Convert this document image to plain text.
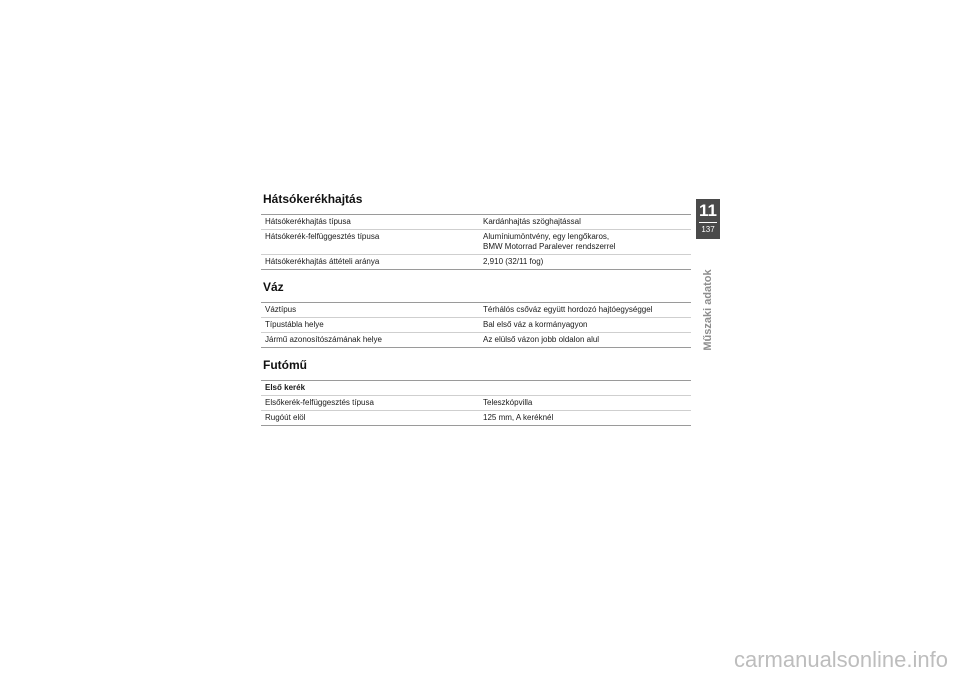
Hátsókerékhajtás
Hátsókerékhajtás típusa	Kardánhajtás szöghajtással
Hátsókerék-felfüggesztés típusa	Alumíniumöntvény, egy lengőkaros,
BMW Motorrad Paralever rendszerrel

Hátsókerékhajtás áttételi aránya	2,910 (32/11 fog)
Váz
Váztípus	Térhálós csőváz együtt hordozó hajtóegységgel
Típustábla helye	Bal első váz a kormányagyon
Jármű azonosítószámának helye	Az elülső vázon jobb oldalon alul
Futómű
Első kerék	
Elsőkerék-felfüggesztés típusa	Teleszkópvilla
Rugóút elöl	125 mm, A keréknél
11
137
Műszaki adatok
carmanualsonline.info
